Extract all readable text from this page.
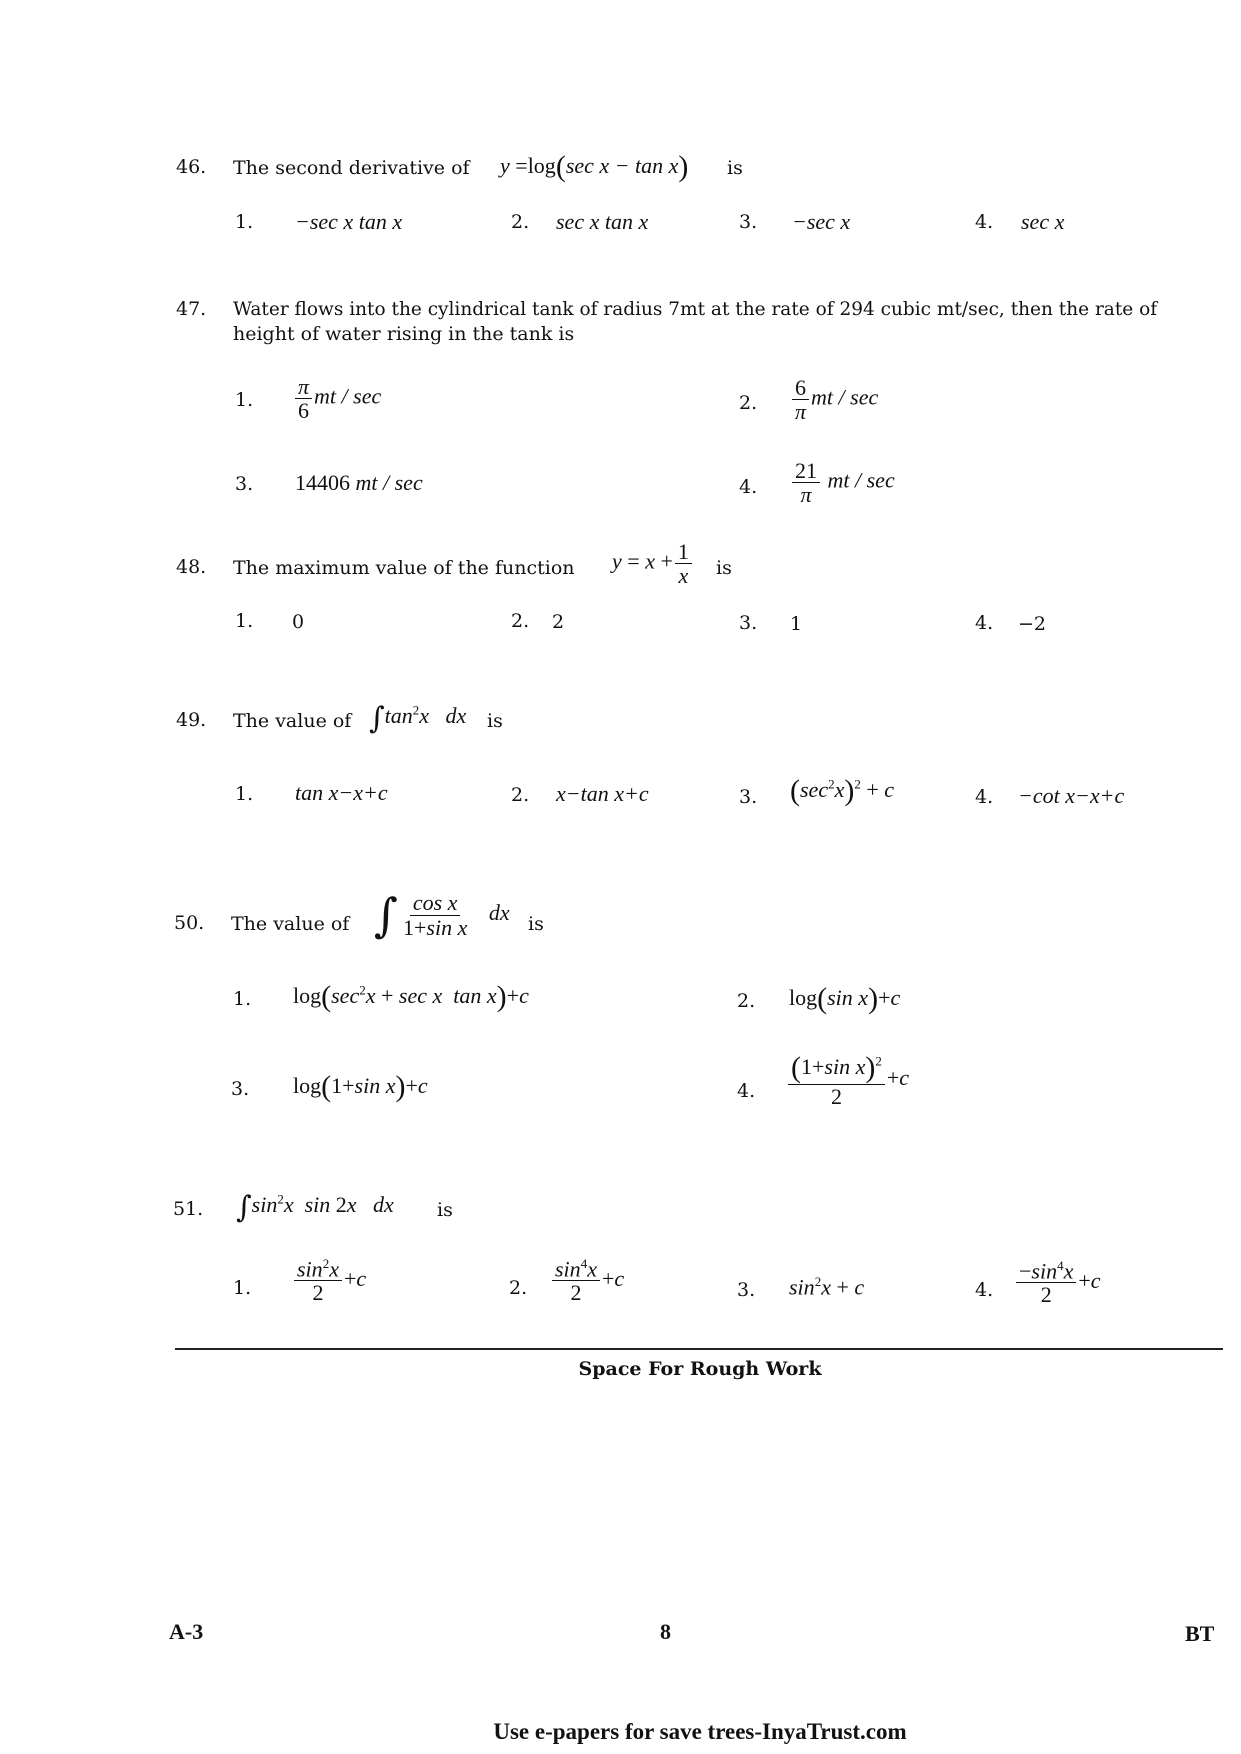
46. The second derivative of y =log(sec x − tan x) is
1. −sec x tan x	2. sec x tan x	3. −sec x	4. sec x
47. Water flows into the cylindrical tank of radius 7mt at the rate of 294 cubic mt/sec, then the rate of
height of water rising in the tank is
1. $\frac{\pi}{6}$ mt / sec	2. $\frac{6}{\pi}$ mt / sec
3. 14406 mt / sec	4. $\frac{21}{\pi}$ mt / sec
48. The maximum value of the function $y = x + \frac{1}{x}$ is
1. 0	2. 2	3. 1	4. −2
49. The value of $\int\tan^2x$   dx is
1. tan x−x+c	2. x−tan x+c	3. $(\sec^2x)^2 + c$	4. −cot x−x+c
50. The value of ∫ $\frac{\text{cos x}}{\text{1+sin x}}$ dx is
1. $\log(\sec^2x + \sec x$  tan x)+c	2. log(sin x)+c
3. log(1+sin x)+c	4. $\frac{(1+\sin x)^2}{2} +c$
51. $\int\sin^2x$  sin 2x   dx is
1. $\frac{\sin^2x}{2} +c$	2. $\frac{\sin^4x}{2} +c$	3. $\sin^2x + c$	4. $\frac{-\sin^4x}{2} +c$
Space For Rough Work
A-3	8	BT
Use e-papers for save trees-InyaTrust.com
